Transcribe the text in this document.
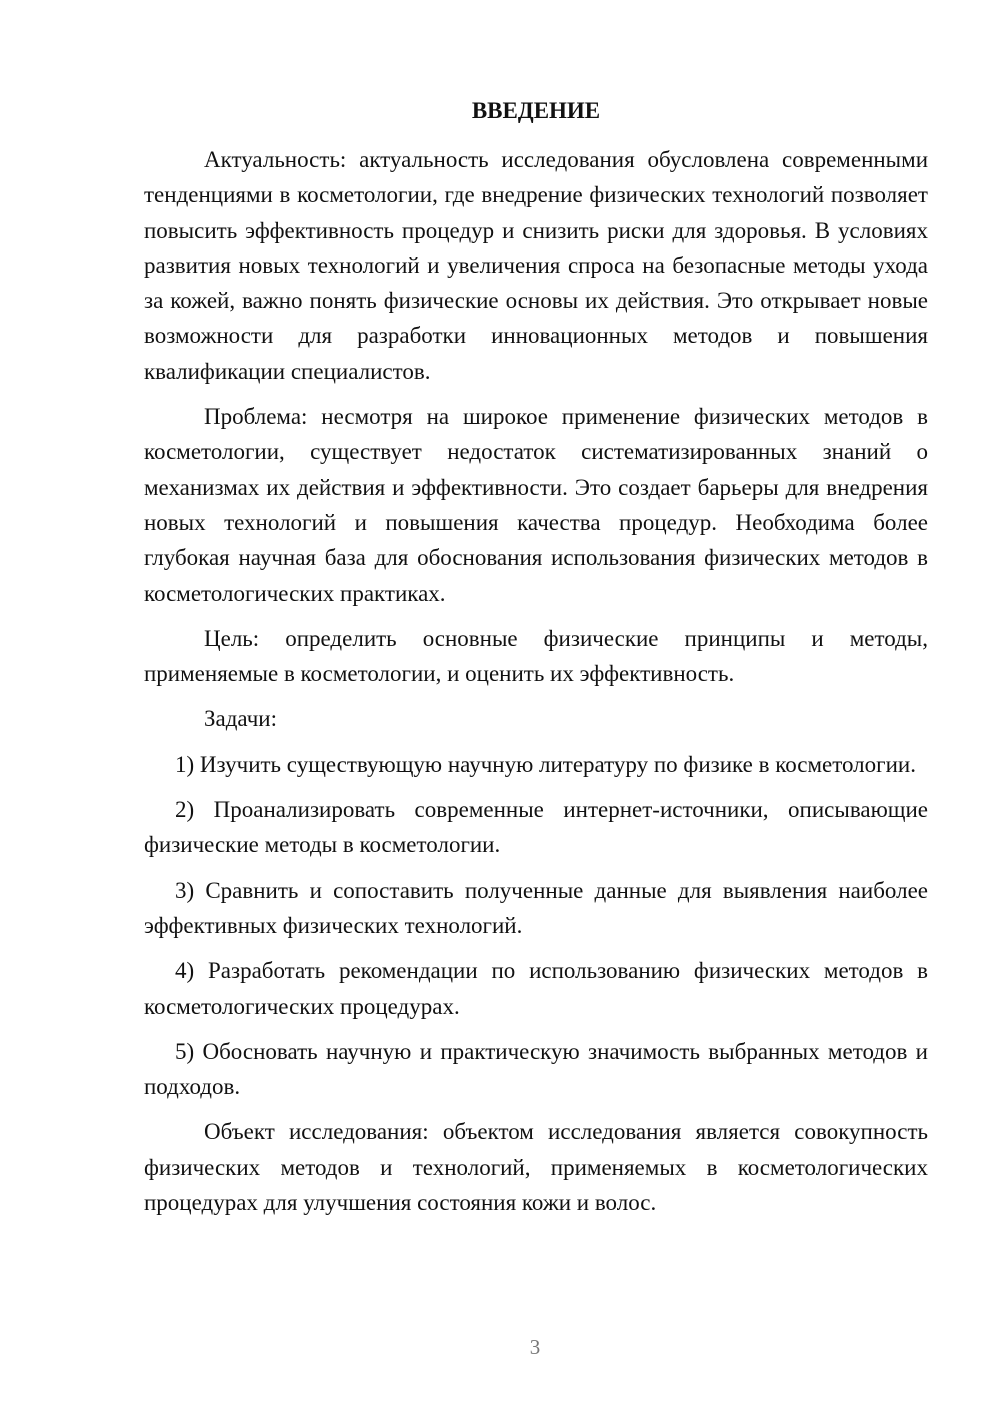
ВВЕДЕНИЕ

Актуальность: актуальность исследования обусловлена современными тенденциями в косметологии, где внедрение физических технологий позволяет повысить эффективность процедур и снизить риски для здоровья. В условиях развития новых технологий и увеличения спроса на безопасные методы ухода за кожей, важно понять физические основы их действия. Это открывает новые возможности для разработки инновационных методов и повышения квалификации специалистов.

Проблема: несмотря на широкое применение физических методов в косметологии, существует недостаток систематизированных знаний о механизмах их действия и эффективности. Это создает барьеры для внедрения новых технологий и повышения качества процедур. Необходима более глубокая научная база для обоснования использования физических методов в косметологических практиках.

Цель: определить основные физические принципы и методы, применяемые в косметологии, и оценить их эффективность.

Задачи:

1) Изучить существующую научную литературу по физике в косметологии.

2) Проанализировать современные интернет-источники, описывающие физические методы в косметологии.

3) Сравнить и сопоставить полученные данные для выявления наиболее эффективных физических технологий.

4) Разработать рекомендации по использованию физических методов в косметологических процедурах.

5) Обосновать научную и практическую значимость выбранных методов и подходов.

Объект исследования: объектом исследования является совокупность физических методов и технологий, применяемых в косметологических процедурах для улучшения состояния кожи и волос.

3
